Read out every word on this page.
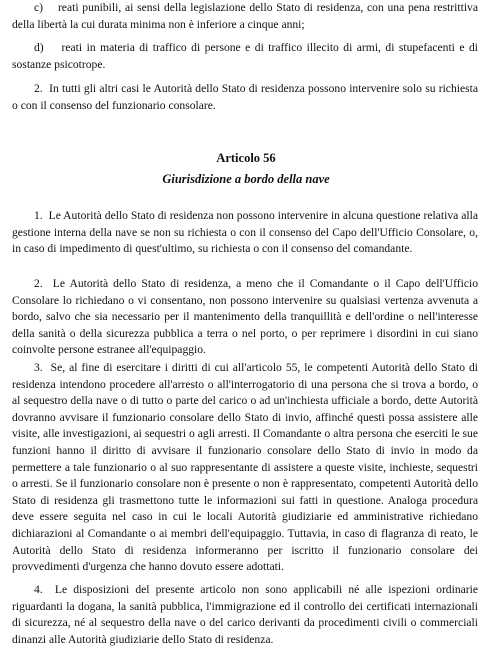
c)    reati punibili, ai sensi della legislazione dello Stato di residenza, con una pena restrittiva della libertà la cui durata minima non è inferiore a cinque anni;

d)    reati in materia di traffico di persone e di traffico illecito di armi, di stupefacenti e di sostanze psicotrope.

2.  In tutti gli altri casi le Autorità dello Stato di residenza possono intervenire solo su richiesta o con il consenso del funzionario consolare.

Articolo 56
Giurisdizione a bordo della nave

1.  Le Autorità dello Stato di residenza non possono intervenire in alcuna questione relativa alla gestione interna della nave se non su richiesta o con il consenso del Capo dell'Ufficio Consolare, o, in caso di impedimento di quest'ultimo, su richiesta o con il consenso del comandante.

2.  Le Autorità dello Stato di residenza, a meno che il Comandante o il Capo dell'Ufficio Consolare lo richiedano o vi consentano, non possono intervenire su qualsiasi vertenza avvenuta a bordo, salvo che sia necessario per il mantenimento della tranquillità e dell'ordine o nell'interesse della sanità o della sicurezza pubblica a terra o nel porto, o per reprimere i disordini in cui siano coinvolte persone estranee all'equipaggio.

3.  Se, al fine di esercitare i diritti di cui all'articolo 55, le competenti Autorità dello Stato di residenza intendono procedere all'arresto o all'interrogatorio di una persona che si trova a bordo, o al sequestro della nave o di tutto o parte del carico o ad un'inchiesta ufficiale a bordo, dette Autorità dovranno avvisare il funzionario consolare dello Stato di invio, affinché questi possa assistere alle visite, alle investigazioni, ai sequestri o agli arresti. Il Comandante o altra persona che eserciti le sue funzioni hanno il diritto di avvisare il funzionario consolare dello Stato di invio in modo da permettere a tale funzionario o al suo rappresentante di assistere a queste visite, inchieste, sequestri o arresti. Se il funzionario consolare non è presente o non è rappresentato, competenti Autorità dello Stato di residenza gli trasmettono tutte le informazioni sui fatti in questione. Analoga procedura deve essere seguita nel caso in cui le locali Autorità giudiziarie ed amministrative richiedano dichiarazioni al Comandante o ai membri dell'equipaggio. Tuttavia, in caso di flagranza di reato, le Autorità dello Stato di residenza informeranno per iscritto il funzionario consolare dei provvedimenti d'urgenza che hanno dovuto essere adottati.

4.  Le disposizioni del presente articolo non sono applicabili né alle ispezioni ordinarie riguardanti la dogana, la sanità pubblica, l'immigrazione ed il controllo dei certificati internazionali di sicurezza, né al sequestro della nave o del carico derivanti da procedimenti civili o commerciali dinanzi alle Autorità giudiziarie dello Stato di residenza.
